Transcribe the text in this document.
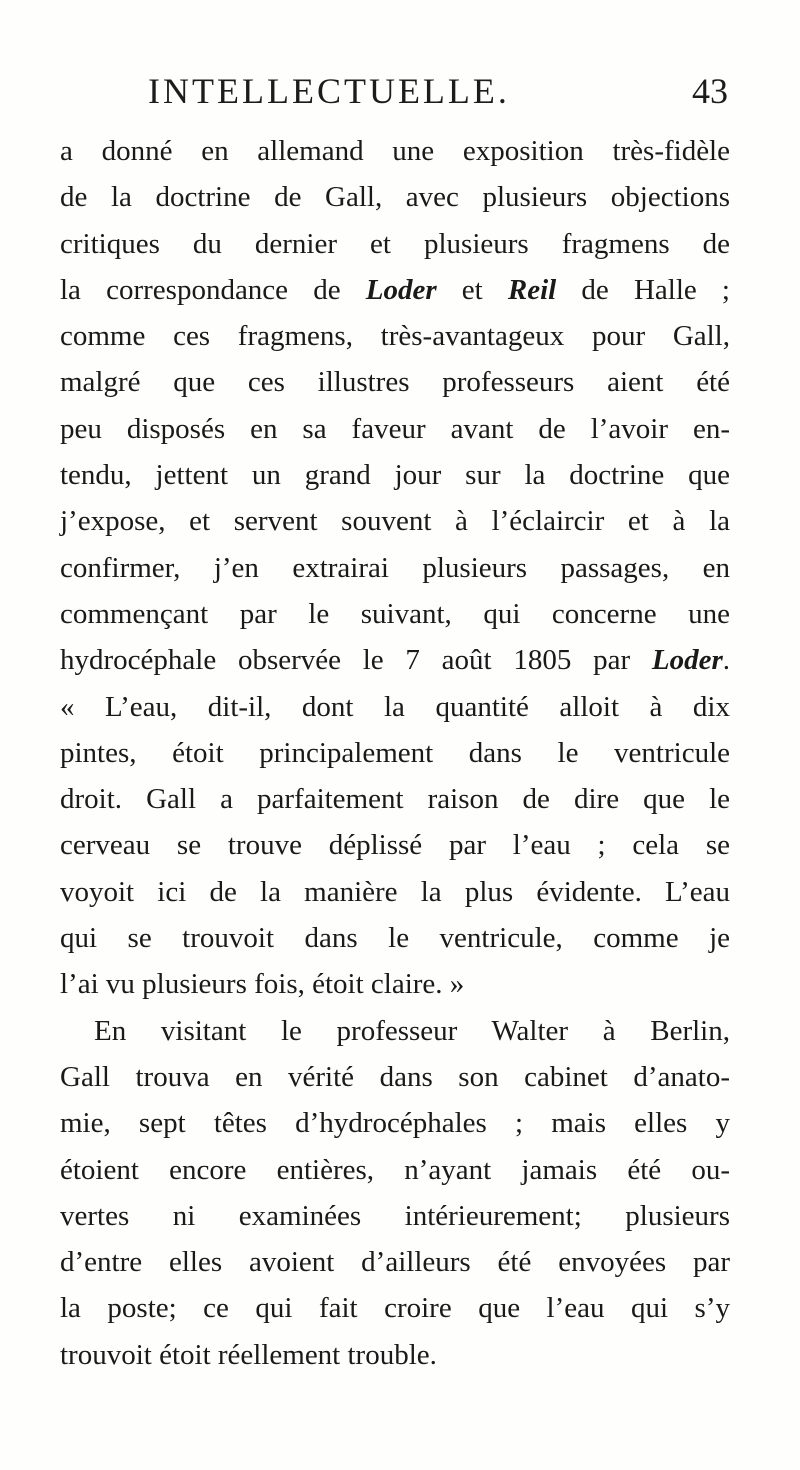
INTELLECTUELLE.	43
a donné en allemand une exposition très-fidèle
de la doctrine de Gall, avec plusieurs objections
critiques du dernier et plusieurs fragmens de
la correspondance de Loder et Reil de Halle ;
comme ces fragmens, très-avantageux pour Gall,
malgré que ces illustres professeurs aient été
peu disposés en sa faveur avant de l’avoir en-
tendu, jettent un grand jour sur la doctrine que
j’expose, et servent souvent à l’éclaircir et à la
confirmer, j’en extrairai plusieurs passages, en
commençant par le suivant, qui concerne une
hydrocéphale observée le 7 août 1805 par Loder.
« L’eau, dit-il, dont la quantité alloit à dix
pintes, étoit principalement dans le ventricule
droit. Gall a parfaitement raison de dire que le
cerveau se trouve déplissé par l’eau ; cela se
voyoit ici de la manière la plus évidente. L’eau
qui se trouvoit dans le ventricule, comme je
l’ai vu plusieurs fois, étoit claire. »
En visitant le professeur Walter à Berlin,
Gall trouva en vérité dans son cabinet d’anato-
mie, sept têtes d’hydrocéphales ; mais elles y
étoient encore entières, n’ayant jamais été ou-
vertes ni examinées intérieurement; plusieurs
d’entre elles avoient d’ailleurs été envoyées par
la poste; ce qui fait croire que l’eau qui s’y
trouvoit étoit réellement trouble.
